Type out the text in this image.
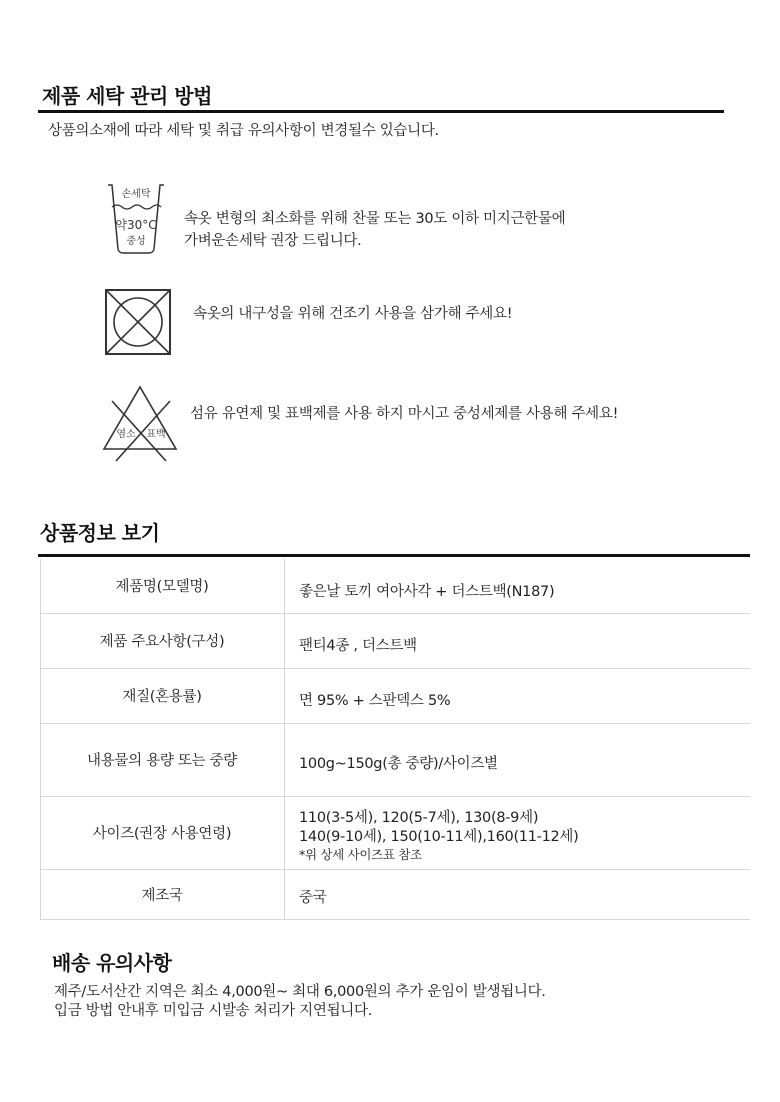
제품 세탁 관리 방법
상품의소재에 따라 세탁 및 취급 유의사항이 변경될수 있습니다.
손세탁
약30°C
중성
속옷 변형의 최소화를 위해 찬물 또는 30도 이하 미지근한물에
가벼운손세탁 권장 드립니다.
속옷의 내구성을 위해 건조기 사용을 삼가해 주세요!
염소 표백
섬유 유연제 및 표백제를 사용 하지 마시고 중성세제를 사용해 주세요!
상품정보 보기
제품명(모델명)	좋은날 토끼 여아사각 + 더스트백(N187)
제품 주요사항(구성)	팬티4종 , 더스트백
재질(혼용률)	면 95% + 스판덱스 5%
내용물의 용량 또는 중량	100g~150g(총 중량)/사이즈별
사이즈(권장 사용연령)	110(3-5세), 120(5-7세), 130(8-9세)
140(9-10세), 150(10-11세),160(11-12세)
*위 상세 사이즈표 참조

제조국	중국
배송 유의사항
제주/도서산간 지역은 최소 4,000원~ 최대 6,000원의 추가 운임이 발생됩니다.
입금 방법 안내후 미입금 시발송 처리가 지연됩니다.
